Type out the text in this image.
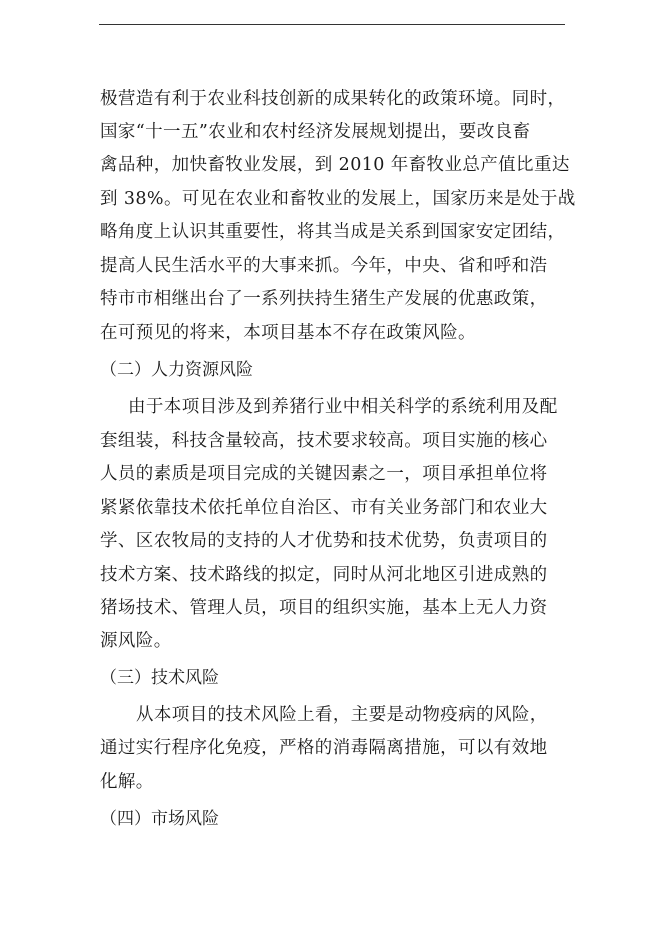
极营造有利于农业科技创新的成果转化的政策环境。同时，
国家“十一五”农业和农村经济发展规划提出，要改良畜
禽品种，加快畜牧业发展，到 2010 年畜牧业总产值比重达
到 38%。可见在农业和畜牧业的发展上，国家历来是处于战
略角度上认识其重要性，将其当成是关系到国家安定团结，
提高人民生活水平的大事来抓。今年，中央、省和呼和浩
特市市相继出台了一系列扶持生猪生产发展的优惠政策，
在可预见的将来，本项目基本不存在政策风险。
（二）人力资源风险
由于本项目涉及到养猪行业中相关科学的系统利用及配
套组装，科技含量较高，技术要求较高。项目实施的核心
人员的素质是项目完成的关键因素之一，项目承担单位将
紧紧依靠技术依托单位自治区、市有关业务部门和农业大
学、区农牧局的支持的人才优势和技术优势，负责项目的
技术方案、技术路线的拟定，同时从河北地区引进成熟的
猪场技术、管理人员，项目的组织实施，基本上无人力资
源风险。
（三）技术风险
从本项目的技术风险上看，主要是动物疫病的风险，
通过实行程序化免疫，严格的消毒隔离措施，可以有效地
化解。
（四）市场风险
